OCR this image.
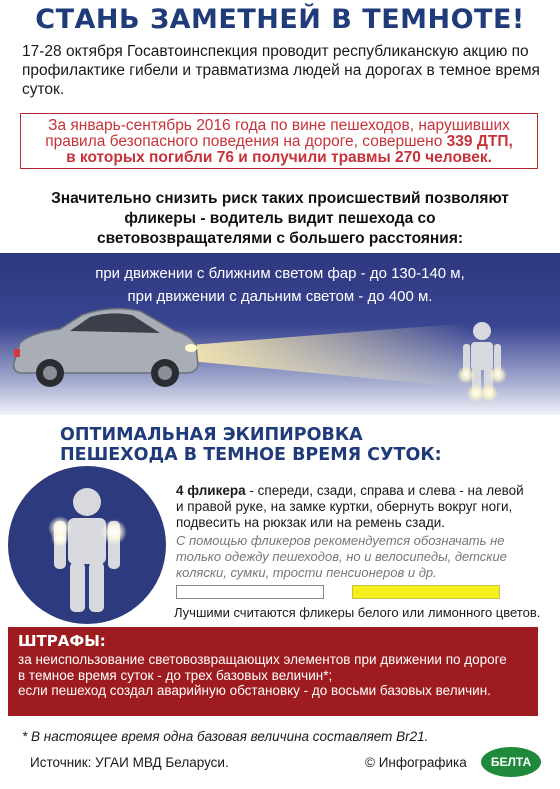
СТАНЬ ЗАМЕТНЕЙ В ТЕМНОТЕ!
17-28 октября Госавтоинспекция проводит республиканскую акцию по профилактике гибели и травматизма людей на дорогах в темное время суток.
За январь-сентябрь 2016 года по вине пешеходов, нарушивших
правила безопасного поведения на дороге, совершено 339 ДТП,
в которых погибли 76 и получили травмы 270 человек.
Значительно снизить риск таких происшествий позволяют
фликеры - водитель видит пешехода со
световозвращателями с большего расстояния:
при движении с ближним светом фар - до 130-140 м,
при движении с дальним светом - до 400 м.
ОПТИМАЛЬНАЯ ЭКИПИРОВКА
ПЕШЕХОДА В ТЕМНОЕ ВРЕМЯ СУТОК:
4 фликера - спереди, сзади, справа и слева - на левой и правой руке, на замке куртки, обернуть вокруг ноги, подвесить на рюкзак или на ремень сзади.
С помощью фликеров рекомендуется обозначать не только одежду пешеходов, но и велосипеды, детские коляски, сумки, трости пенсионеров и др.
Лучшими считаются фликеры белого или лимонного цветов.
ШТРАФЫ:
за неиспользование световозвращающих элементов при движении по дороге
в темное время суток - до трех базовых величин*;
если пешеход создал аварийную обстановку - до восьми базовых величин.
* В настоящее время одна базовая величина составляет Br21.
Источник: УГАИ МВД Беларуси.	© Инфографика	БЕЛТА
